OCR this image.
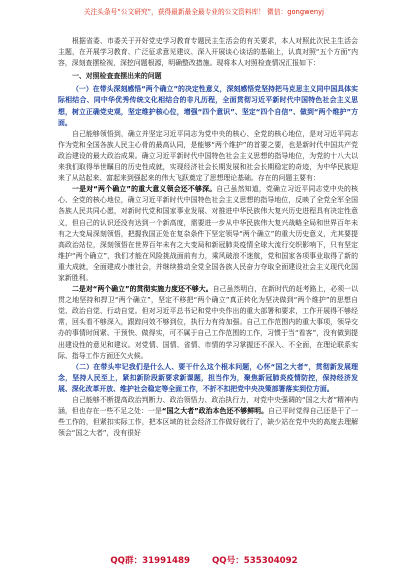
关注头条号“公文研究”，获得最新最全最专业的公文资料库！ 微信：gongwenyj

根据省委、市委关于开好党史学习教育专题民主生活会的有关要求，本人对照此次民主生活会主题，在开展学习教育、广泛征求意见建议、深入开展谈心谈话的基础上，认真对照“五个方面”内容，深刻查摆检视，深挖问题根源，明确整改措施。现将本人对照检查情况汇报如下：

一、对照检查查摆出来的问题

（一）在带头深刻感悟“两个确立”的决定性意义，深刻感悟党坚持把马克思主义同中国具体实际相结合、同中华优秀传统文化相结合的非凡历程，全面贯彻习近平新时代中国特色社会主义思想，树立正确党史观，坚定维护核心位，增强“四个意识”、坚定“四个自信”、做到“两个维护”方面。

自己能够领悟到，确立并坚定习近平同志为党中央的核心、全党的核心地位，是对习近平同志作为党和全国各族人民主心骨的最高认同，是能够“两个维护”的首要之要，也是新时代中国共产党政治建设的最大政治成果。确立习近平新时代中国特色社会主义思想的指导地位，为党的十八大以来我们取得举世瞩目的历史性成就，实现经济社会长期发展和社会长期稳定的奇迹，为中华民族迎来了从站起来、富起来到强起来的伟大飞跃奠定了思想理论基础。存在的问题主要有：

一是对“两个确立”的重大意义领会还不够深。自己虽然知道，党确立习近平同志党中央的核心、全党的核心地位，确立习近平新时代中国特色社会主义思想的指导地位，反映了全党全军全国各族人民共同心愿，对新时代党和国家事业发展、对推进中华民族伟大复兴历史进程具有决定性意义，但自己的认识还没有达到一个新高度，需要进一步从中华民族伟大复兴战略全局和世界百年未有之大变局深刻领悟，把握我国正处在复杂条件下坚定领导“两个确立”的重大历史意义，尤其要提高政治站位，深刻领悟在世界百年未有之大变局和新冠肺炎疫情全球大流行交织影响下，只有坚定维护“两个确立”，我们才能在风险挑战面前有力，乘风破浪不迷航，党和国家各项事业取得了新的重大成就，全面建成小康社会，并继续推动全党全国各族人民奋力夺取全面建设社会主义现代化国家新胜利。

二是对“两个确立”的贯彻实施力度还不够大。自己虽然明白，在新时代的赶考路上，必须一以贯之地坚持和捍卫“两个确立”，坚定不移把“两个确立”真正转化为坚决做到“两个维护”的思想自觉、政治自觉、行动自觉。但对习近平总书记和党中央作出的重大部署和要求，工作开展得不够经常，回头看不够深入，跟踪问效不够到位，执行力有待加强。自己工作范围内的重大事项，领导交办的事情时间紧、干预快、做得实，可不属于自己工作范围的工作，习惯于当“看客”，没有做到提出建设性的意见和建议。对党情、国情、省情、市情的学习掌握还不深入、不全面，在理论联系实际、指导工作方面还欠火候。

（二）在带头牢记我们是什么人、要干什么这个根本问题，心怀“国之大者”，贯彻新发展理念，坚持人民至上，紧扣新阶段新要求新课题，担当作为，聚焦新冠肺炎疫情防控，保持经济发展、深化改革开放、维护社会稳定等全面工作，不折不扣把党中央决策部署落实到位方面。

自己能够不断提高政治判断力、政治领悟力、政治执行力，对党中央强调的“国之大者”精神内涵，但也存在一些不足之处：一是“国之大者”政治本色还不够鲜明。自己平时觉得自己还是干了一些工作的，但紧扣实际工作，把本区域的社会经济工作做好就行了，缺少站在党中央的高度去理解领会“国之大者”，没有很好

QQ群：31991489	QQ号：535304092
